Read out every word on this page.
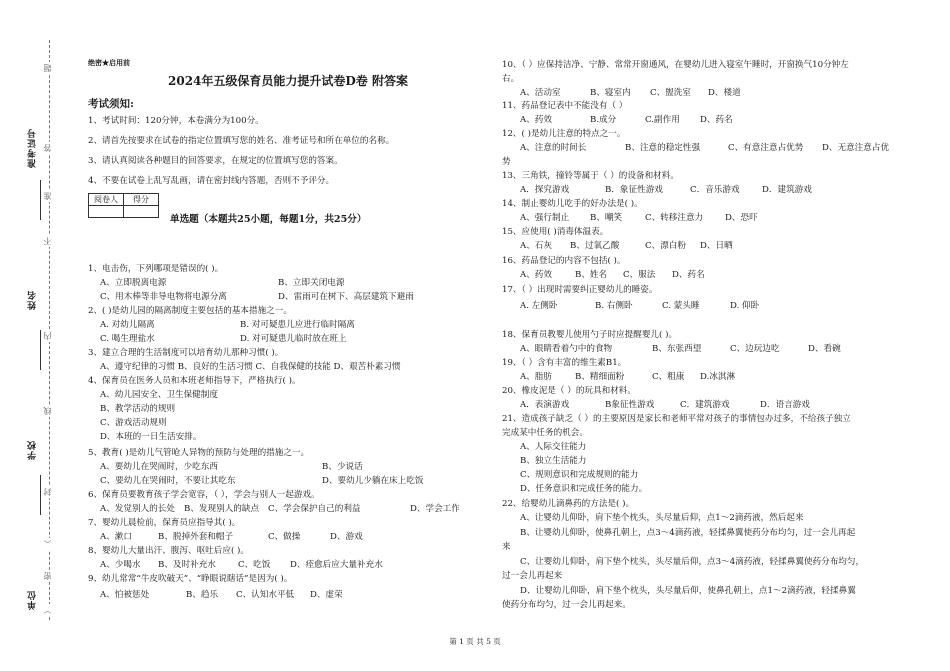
准考证号
姓名
学校
单位
题
答
准
不
内
线
封
密
（
）
绝密★启用前
2024年五级保育员能力提升试卷D卷 附答案
考试须知:
1、考试时间：120分钟，本卷满分为100分。
2、请首先按要求在试卷的指定位置填写您的姓名、准考证号和所在单位的名称。
3、请认真阅读各种题目的回答要求，在规定的位置填写您的答案。
4、不要在试卷上乱写乱画，请在密封线内答题，否则不予评分。
阅卷人	得分

单选题（本题共25小题，每题1分，共25分）
1、电击伤，下列哪项是错误的( )。
A、立即脱离电源	B、立即关闭电源
C、用木棒等非导电物将电源分离	D、雷雨可在树下、高层建筑下避雨
2、( )是幼儿园的隔离制度主要包括的基本措施之一。
A. 对幼儿隔离	B. 对可疑患儿应进行临时隔离
C. 喝生理盐水	D. 对可疑患儿临时放在班上
3、建立合理的生活制度可以培育幼儿那种习惯( )。
A、遵守纪律的习惯 B、良好的生活习惯 C、自我保健的技能 D、艰苦朴素习惯
4、保育员在医务人员和本班老师指导下，严格执行( )。
A、幼儿园安全、卫生保健制度
B、教学活动的规则
C、游戏活动规则
D、本班的一日生活安排。
5、教育( )是幼儿气管呛人异物的预防与处理的措施之一。
A、要幼儿在哭闹时，少吃东西	B、少说话
C、要幼儿在哭闹时，不要让其吃东	D、要幼儿少躺在床上吃饭
6、保育员要教育孩子学会宽容，（ ），学会与别人一起游戏。
A、发觉别人的长处 B、发现别人的缺点 C、学会保护自己的利益	D、学会工作
7、婴幼儿晨检前，保育员应指导其( )。
A、漱口	B、脱掉外套和帽子	C、做操	D、游戏
8、婴幼儿大量出汗、腹泻、呕吐后应( )。
A、少喝水 B、及时补充水	C、吃饭 D、痊愈后应大量补充水
9、幼儿常常“牛皮吹破天”、“睁眼说瞎话”是因为( )。
A、怕被惩处	B、趋乐 C、认知水平低 D、虚荣
10、（ ）应保持洁净、宁静、常常开窗通风，在婴幼儿进入寝室午睡时，开窗换气10分钟左
右。
A、活动室	B、寝室内 C、盥洗室 D、楼道
11、药品登记表中不能没有（ ）
A、药效	B.成分	C.副作用 D、药名
12、( )是幼儿注意的特点之一。
A、注意的时间长	B、注意的稳定性强	C、有意注意占优势 D、无意注意占优
势
13、三角铁，撞铃等属于（ ）的设备和材料。
A．探究游戏	B．象征性游戏	C．音乐游戏	D．建筑游戏
14、制止婴幼儿吃手的好办法是( )。
A、强行制止 B、嘲笑	C、转移注意力	D、恐吓
15、应使用( )消毒体温表。
A、石灰 B、过氧乙酸	C、漂白粉 D、日晒
16、药品登记的内容不包括( )。
A、药效	B、姓名 C、服法 D、药名
17、（ ）出现时需要纠正婴幼儿的睡姿。
A. 左侧卧	B. 右侧卧	C. 蒙头睡	D. 仰卧
18、保育员教婴儿使用勺子时应提醒婴儿( )。
A、眼睛看着勺中的食物	B、东张西望	C、边玩边吃	D、看碗
19、（ ）含有丰富的维生素B1。
A、脂肪	B、精细面粉	C、粗康 D.冰淇淋
20、橡皮泥是（ ）的玩具和材料。
A．表演游戏	B象征性游戏	C．建筑游戏	D．语言游戏
21、造成孩子缺乏（ ）的主要原因是家长和老师平常对孩子的事情包办过多，不给孩子独立
完成某中任务的机会。
A、人际交往能力
B、独立生活能力
C、规则意识和完成规则的能力
D、任务意识和完成任务的能力。
22、给婴幼儿滴鼻药的方法是( )。
A、让婴幼儿仰卧，肩下垫个枕头，头尽量后仰，点1～2滴药液，然后起来
B、让婴幼儿仰卧，使鼻孔朝上，点3～4滴药液，轻揉鼻翼使药分布均匀，过一会儿再起
来
C、让婴幼儿仰卧，肩下垫个枕头，头尽量后仰，点3～4滴药液，轻揉鼻翼使药分布均匀，
过一会儿再起来
D、让婴幼儿仰卧，肩下垫个枕头，头尽量后仰，使鼻孔朝上，点1～2滴药液，轻揉鼻翼
使药分布均匀，过一会儿再起来。
第 1 页 共 5 页
